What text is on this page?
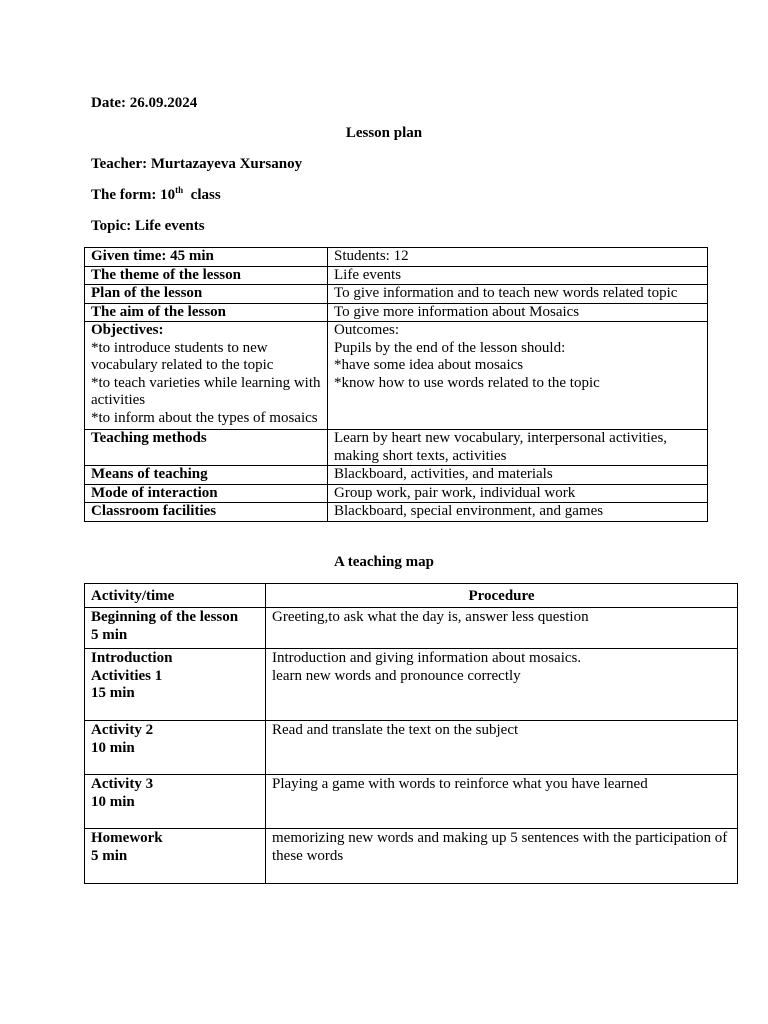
Date: 26.09.2024
Lesson plan
Teacher: Murtazayeva Xursanoy
The form: 10th  class
Topic: Life events
Given time: 45 min	Students: 12
The theme of the lesson	Life events
Plan of the lesson	To give information and to teach new words related topic
The aim of the lesson	To give more information about Mosaics

Objectives:
*to introduce students to new vocabulary related to the topic
*to teach varieties while learning with activities
*to inform about the types of mosaics	Outcomes:
Pupils by the end of the lesson should:
*have some idea about mosaics
*know how to use words related to the topic

Teaching methods	Learn by heart new vocabulary, interpersonal activities, making short texts, activities
Means of teaching	Blackboard, activities, and materials
Mode of interaction	Group work, pair work, individual work
Classroom facilities	Blackboard, special environment, and games
A teaching map
Activity/time	Procedure

Beginning of the lesson
5 min	Greeting,to ask what the day is, answer less question

Introduction
Activities 1
15 min	Introduction and giving information about mosaics.
learn new words and pronounce correctly

Activity 2
10 min	Read and translate the text on the subject

Activity 3
10 min	Playing a game with words to reinforce what you have learned

Homework
5 min	memorizing new words and making up 5 sentences with the participation of these words
